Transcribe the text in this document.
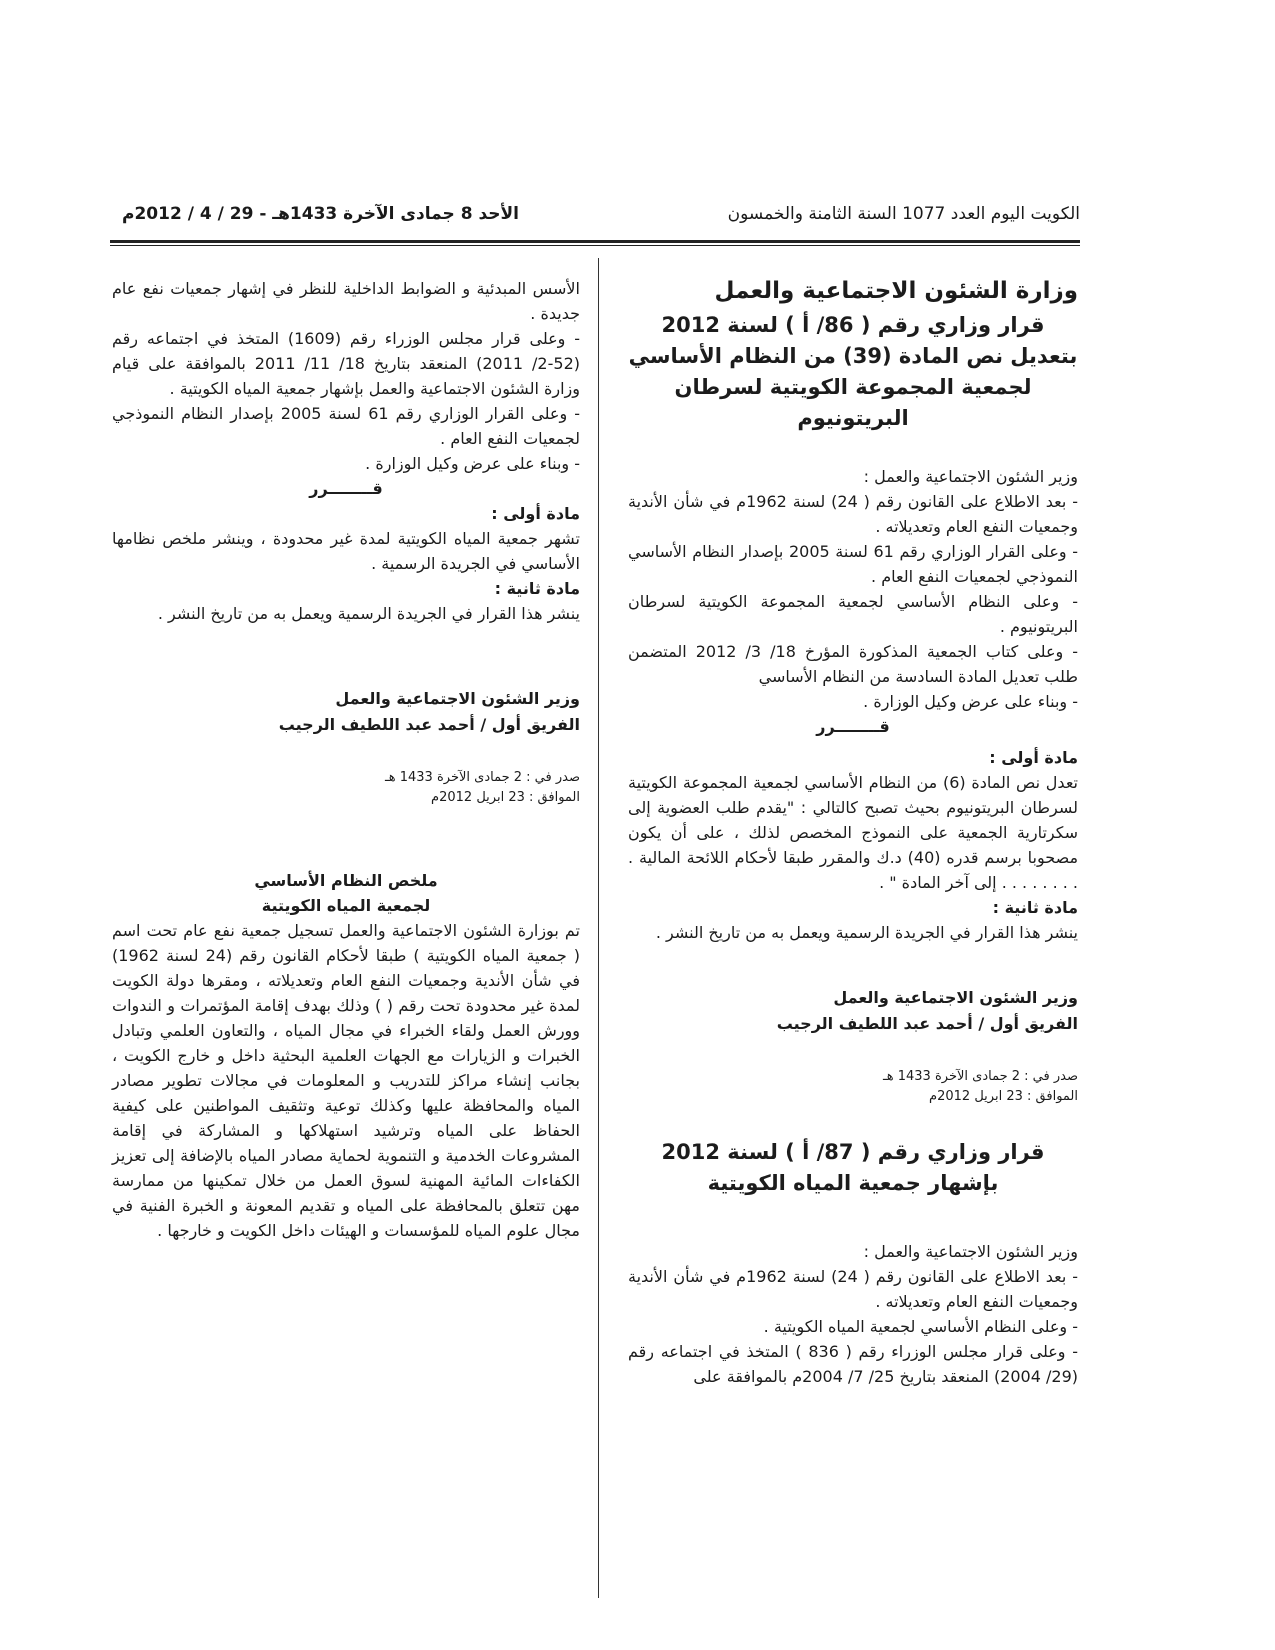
الكويت اليوم العدد 1077 السنة الثامنة والخمسون
الأحد 8 جمادى الآخرة 1433هـ - 29 / 4 / 2012م

وزارة الشئون الاجتماعية والعمل

قرار وزاري رقم ( 86/ أ ) لسنة 2012

بتعديل نص المادة (39) من النظام الأساسي

لجمعية المجموعة الكويتية لسرطان البريتونيوم

وزير الشئون الاجتماعية والعمل :

- بعد الاطلاع على القانون رقم ( 24) لسنة 1962م في شأن الأندية وجمعيات النفع العام وتعديلاته .

- وعلى القرار الوزاري رقم 61 لسنة 2005 بإصدار النظام الأساسي النموذجي لجمعيات النفع العام .

- وعلى النظام الأساسي لجمعية المجموعة الكويتية لسرطان البريتونيوم .

- وعلى كتاب الجمعية المذكورة المؤرخ 18/ 3/ 2012 المتضمن طلب تعديل المادة السادسة من النظام الأساسي

- وبناء على عرض وكيل الوزارة .

قــــــــرر

مادة أولى :

تعدل نص المادة (6) من النظام الأساسي لجمعية المجموعة الكويتية لسرطان البريتونيوم بحيث تصبح كالتالي : "يقدم طلب العضوية إلى سكرتارية الجمعية على النموذج المخصص لذلك ، على أن يكون مصحوبا برسم قدره (40) د.ك والمقرر طبقا لأحكام اللائحة المالية . . . . . . . . . إلى آخر المادة " .

مادة ثانية :

ينشر هذا القرار في الجريدة الرسمية ويعمل به من تاريخ النشر .

وزير الشئون الاجتماعية والعمل

الفريق أول / أحمد عبد اللطيف الرجيب

صدر في : 2 جمادى الآخرة 1433 هـ

الموافق : 23 ابريل 2012م

قرار وزاري رقم ( 87/ أ ) لسنة 2012

بإشهار جمعية المياه الكويتية

وزير الشئون الاجتماعية والعمل :

- بعد الاطلاع على القانون رقم ( 24) لسنة 1962م في شأن الأندية وجمعيات النفع العام وتعديلاته .

- وعلى النظام الأساسي لجمعية المياه الكويتية .

- وعلى قرار مجلس الوزراء رقم ( 836 ) المتخذ في اجتماعه رقم (29/ 2004) المنعقد بتاريخ 25/ 7/ 2004م بالموافقة على

الأسس المبدئية و الضوابط الداخلية للنظر في إشهار جمعيات نفع عام جديدة .

- وعلى قرار مجلس الوزراء رقم (1609) المتخذ في اجتماعه رقم (52-2/ 2011) المنعقد بتاريخ 18/ 11/ 2011 بالموافقة على قيام وزارة الشئون الاجتماعية والعمل بإشهار جمعية المياه الكويتية .

- وعلى القرار الوزاري رقم 61 لسنة 2005 بإصدار النظام النموذجي لجمعيات النفع العام .

- وبناء على عرض وكيل الوزارة .

قــــــــرر

مادة أولى :

تشهر جمعية المياه الكويتية لمدة غير محدودة ، وينشر ملخص نظامها الأساسي في الجريدة الرسمية .

مادة ثانية :

ينشر هذا القرار في الجريدة الرسمية ويعمل به من تاريخ النشر .

وزير الشئون الاجتماعية والعمل

الفريق أول / أحمد عبد اللطيف الرجيب

صدر في : 2 جمادى الآخرة 1433 هـ

الموافق : 23 ابريل 2012م

ملخص النظام الأساسي

لجمعية المياه الكويتية

تم بوزارة الشئون الاجتماعية والعمل تسجيل جمعية نفع عام تحت اسم ( جمعية المياه الكويتية ) طبقا لأحكام القانون رقم (24 لسنة 1962) في شأن الأندية وجمعيات النفع العام وتعديلاته ، ومقرها دولة الكويت لمدة غير محدودة تحت رقم ( ) وذلك بهدف إقامة المؤتمرات و الندوات وورش العمل ولقاء الخبراء في مجال المياه ، والتعاون العلمي وتبادل الخبرات و الزيارات مع الجهات العلمية البحثية داخل و خارج الكويت ، بجانب إنشاء مراكز للتدريب و المعلومات في مجالات تطوير مصادر المياه والمحافظة عليها وكذلك توعية وتثقيف المواطنين على كيفية الحفاظ على المياه وترشيد استهلاكها و المشاركة في إقامة المشروعات الخدمية و التنموية لحماية مصادر المياه بالإضافة إلى تعزيز الكفاءات المائية المهنية لسوق العمل من خلال تمكينها من ممارسة مهن تتعلق بالمحافظة على المياه و تقديم المعونة و الخبرة الفنية في مجال علوم المياه للمؤسسات و الهيئات داخل الكويت و خارجها .
